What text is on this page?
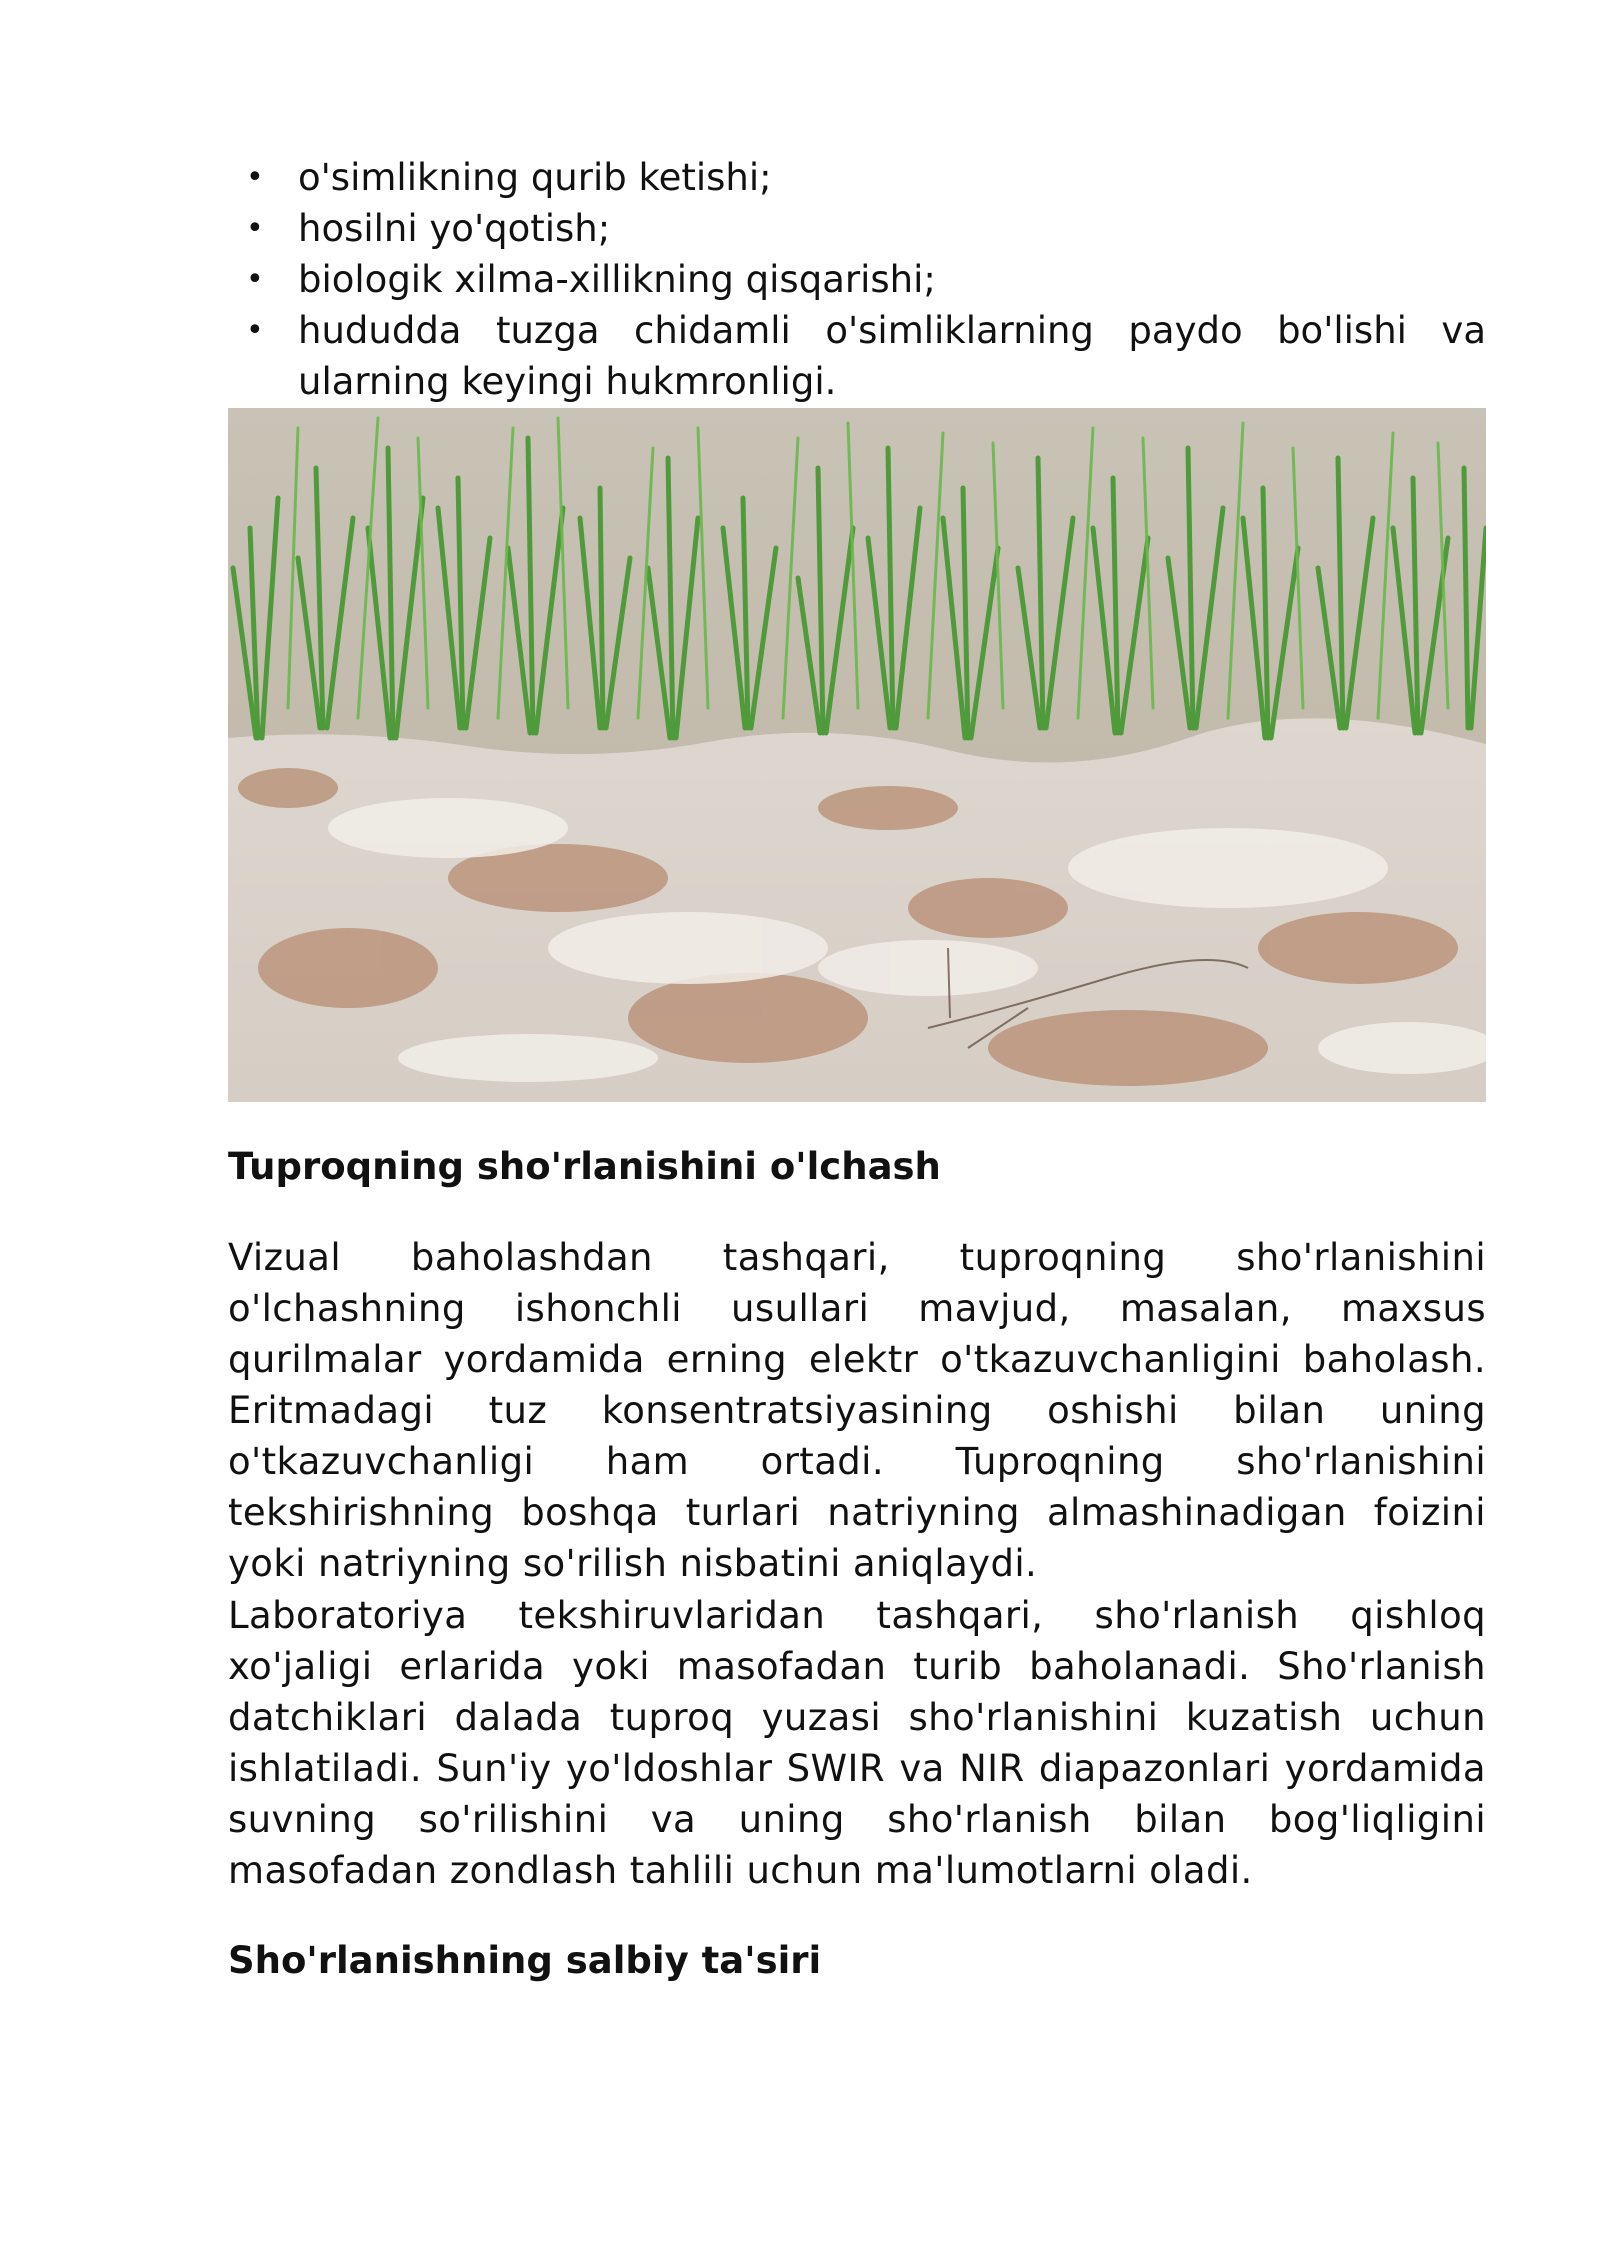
• o'simlikning qurib ketishi;
• hosilni yo'qotish;
• biologik xilma-xillikning qisqarishi;
• hududda tuzga chidamli o'simliklarning paydo bo'lishi va ularning keyingi hukmronligi.
Tuproqning sho'rlanishini o'lchash

Vizual baholashdan tashqari, tuproqning sho'rlanishini o'lchashning ishonchli usullari mavjud, masalan, maxsus qurilmalar yordamida erning elektr o'tkazuvchanligini baholash. Eritmadagi tuz konsentratsiyasining oshishi bilan uning o'tkazuvchanligi ham ortadi. Tuproqning sho'rlanishini tekshirishning boshqa turlari natriyning almashinadigan foizini yoki natriyning so'rilish nisbatini aniqlaydi.

Laboratoriya tekshiruvlaridan tashqari, sho'rlanish qishloq xo'jaligi erlarida yoki masofadan turib baholanadi. Sho'rlanish datchiklari dalada tuproq yuzasi sho'rlanishini kuzatish uchun ishlatiladi. Sun'iy yo'ldoshlar SWIR va NIR diapazonlari yordamida suvning so'rilishini va uning sho'rlanish bilan bog'liqligini masofadan zondlash tahlili uchun ma'lumotlarni oladi.

Sho'rlanishning salbiy ta'siri
